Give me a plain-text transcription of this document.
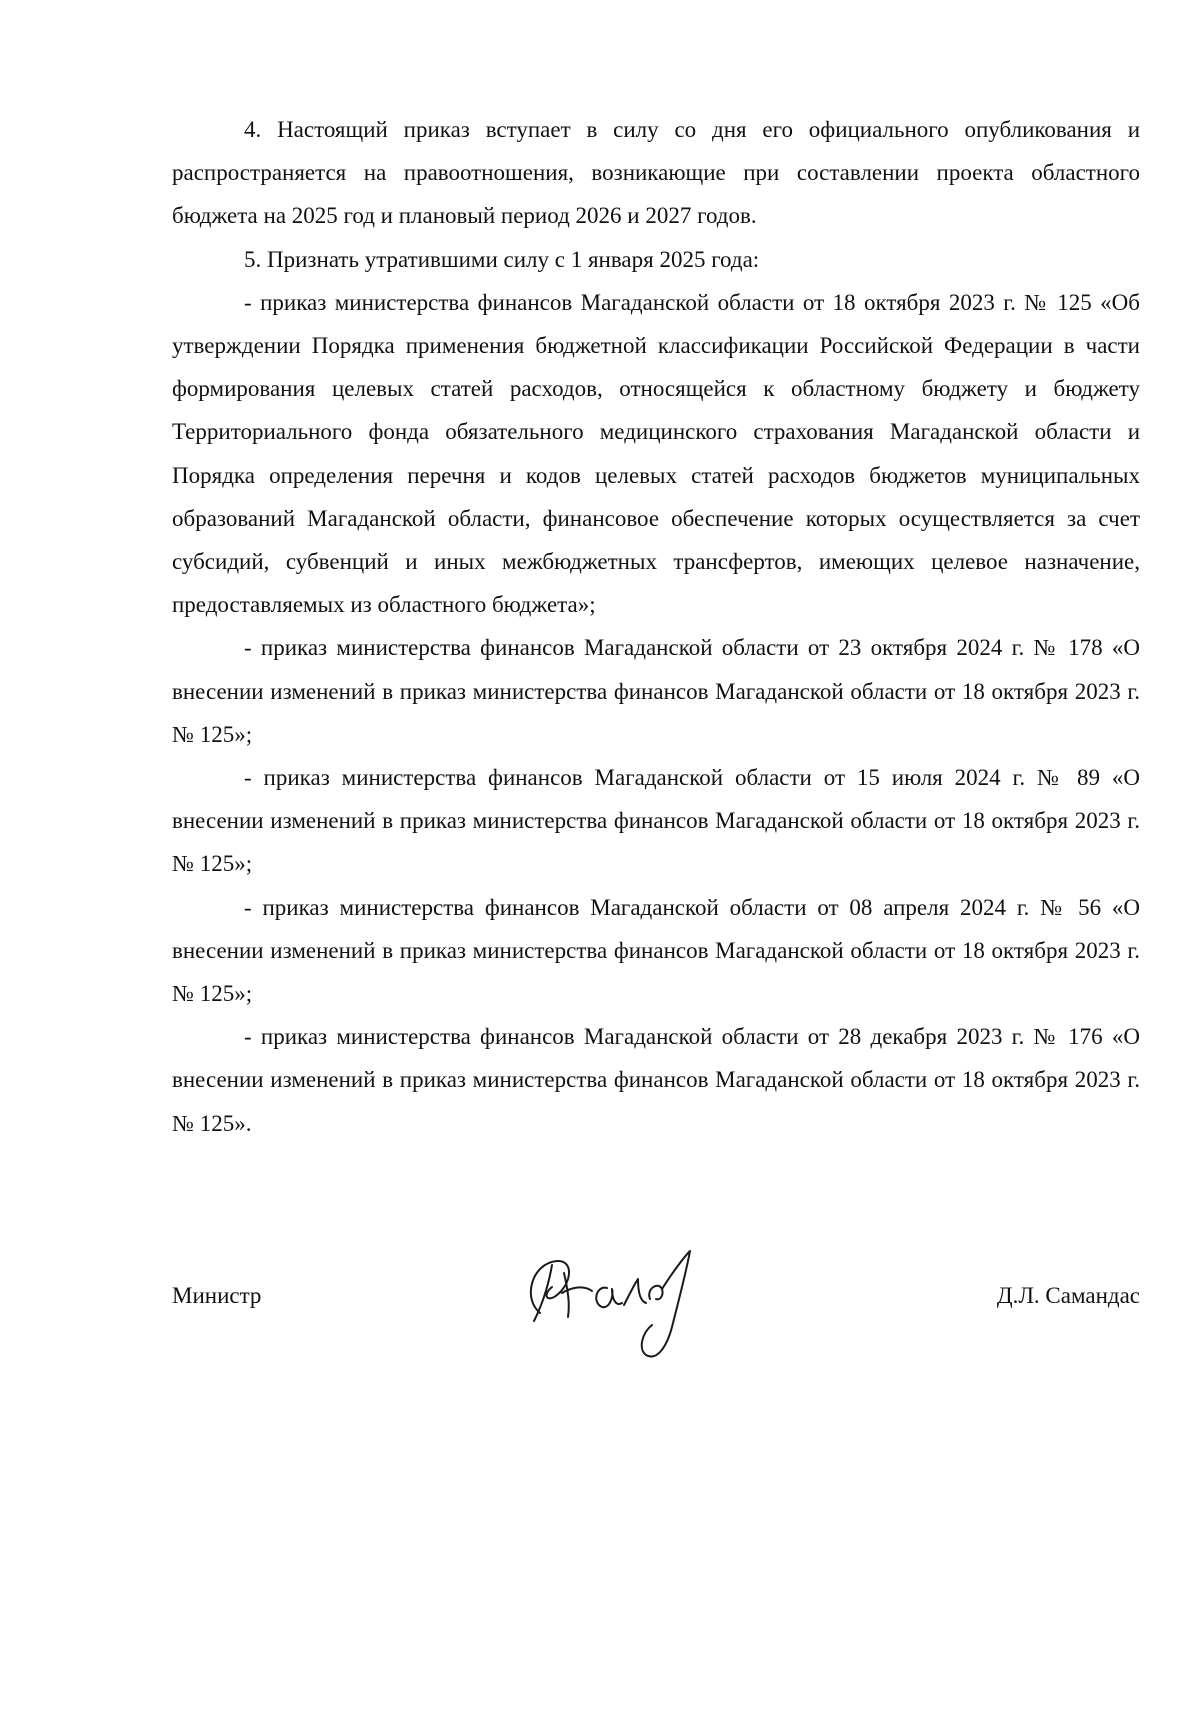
4. Настоящий приказ вступает в силу со дня его официального опубликования и распространяется на правоотношения, возникающие при составлении проекта областного бюджета на 2025 год и плановый период 2026 и 2027 годов.

5. Признать утратившими силу с 1 января 2025 года:

- приказ министерства финансов Магаданской области от 18 октября 2023 г. № 125 «Об утверждении Порядка применения бюджетной классификации Российской Федерации в части формирования целевых статей расходов, относящейся к областному бюджету и бюджету Территориального фонда обязательного медицинского страхования Магаданской области и Порядка определения перечня и кодов целевых статей расходов бюджетов муниципальных образований Магаданской области, финансовое обеспечение которых осуществляется за счет субсидий, субвенций и иных межбюджетных трансфертов, имеющих целевое назначение, предоставляемых из областного бюджета»;

- приказ министерства финансов Магаданской области от 23 октября 2024 г. № 178 «О внесении изменений в приказ министерства финансов Магаданской области от 18 октября 2023 г. № 125»;

- приказ министерства финансов Магаданской области от 15 июля 2024 г. № 89 «О внесении изменений в приказ министерства финансов Магаданской области от 18 октября 2023 г. № 125»;

- приказ министерства финансов Магаданской области от 08 апреля 2024 г. № 56 «О внесении изменений в приказ министерства финансов Магаданской области от 18 октября 2023 г. № 125»;

- приказ министерства финансов Магаданской области от 28 декабря 2023 г. № 176 «О внесении изменений в приказ министерства финансов Магаданской области от 18 октября 2023 г. № 125».

Министр	Д.Л. Самандас
